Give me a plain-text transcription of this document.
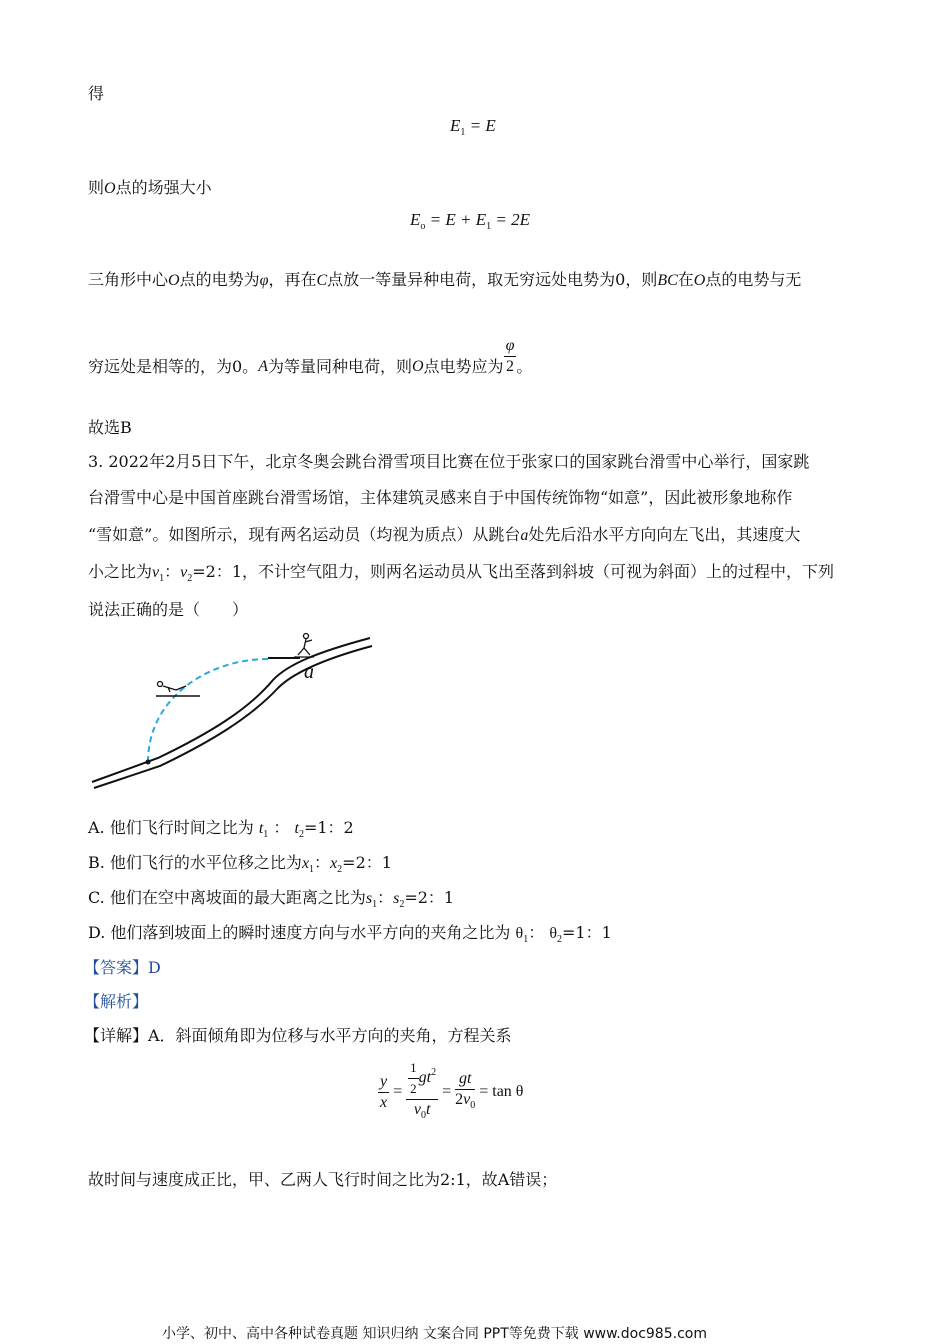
得
$E_1 = E$
则O点的场强大小
$E_o = E + E_1 = 2E$
三角形中心O点的电势为φ，再在C点放一等量异种电荷，取无穷远处电势为0，则BC在O点的电势与无
穷远处是相等的，为0。A为等量同种电荷，则O点电势应为 $\frac{\varphi}{2}$ 。
故选B
3. 2022年2月5日下午，北京冬奥会跳台滑雪项目比赛在位于张家口的国家跳台滑雪中心举行，国家跳
台滑雪中心是中国首座跳台滑雪场馆，主体建筑灵感来自于中国传统饰物“如意”，因此被形象地称作
“雪如意”。如图所示，现有两名运动员（均视为质点）从跳台a处先后沿水平方向向左飞出，其速度大
小之比为$v_1$：$v_2=2$：1，不计空气阻力，则两名运动员从飞出至落到斜坡（可视为斜面）上的过程中，下列
说法正确的是（　　）
a
A. 他们飞行时间之比为 $t_1$ ： $t_2=1$：2
B. 他们飞行的水平位移之比为$x_1$：$x_2=2$：1
C. 他们在空中离坡面的最大距离之比为$s_1$：$s_2=2$：1
D. 他们落到坡面上的瞬时速度方向与水平方向的夹角之比为 $\theta_1$： $\theta_2=1$：1
【答案】D
【解析】
【详解】A．斜面倾角即为位移与水平方向的夹角，方程关系
$\frac{y}{x} = \frac{\frac{1}{2} gt^2}{v_0t} = \frac{gt}{2v_0} = \tan \theta$
故时间与速度成正比，甲、乙两人飞行时间之比为2:1，故A错误；
小学、初中、高中各种试卷真题 知识归纳 文案合同 PPT等免费下载 www.doc985.com
